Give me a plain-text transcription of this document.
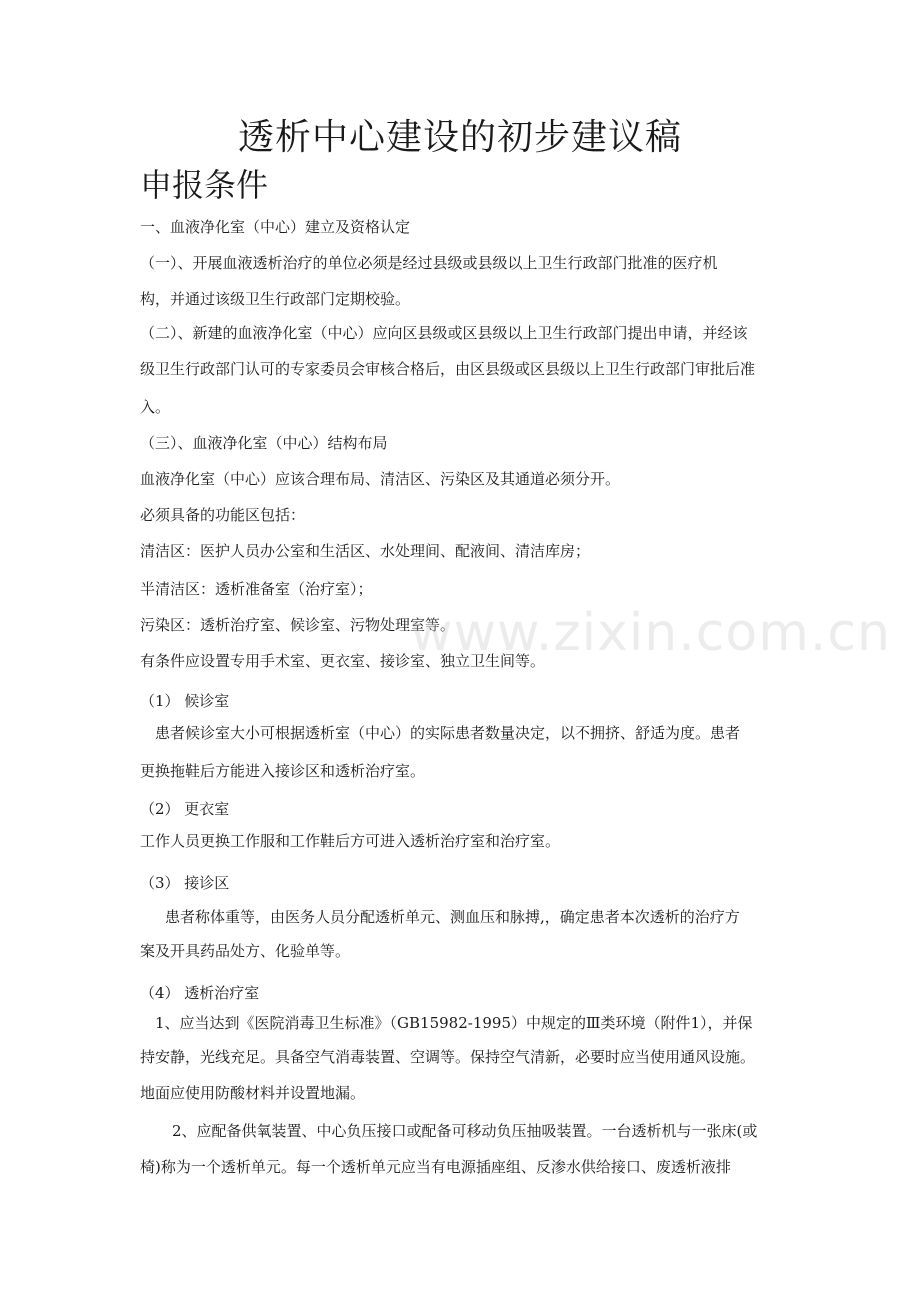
透析中心建设的初步建议稿
申报条件
一、血液净化室（中心）建立及资格认定
（一）、开展血液透析治疗的单位必须是经过县级或县级以上卫生行政部门批准的医疗机
构，并通过该级卫生行政部门定期校验。
（二）、新建的血液净化室（中心）应向区县级或区县级以上卫生行政部门提出申请，并经该
级卫生行政部门认可的专家委员会审核合格后，由区县级或区县级以上卫生行政部门审批后准
入。
（三）、血液净化室（中心）结构布局
血液净化室（中心）应该合理布局、清洁区、污染区及其通道必须分开。
必须具备的功能区包括：
清洁区：医护人员办公室和生活区、水处理间、配液间、清洁库房；
半清洁区：透析准备室（治疗室）；
污染区：透析治疗室、候诊室、污物处理室等。
有条件应设置专用手术室、更衣室、接诊室、独立卫生间等。
（1） 候诊室
患者候诊室大小可根据透析室（中心）的实际患者数量决定，以不拥挤、舒适为度。患者
更换拖鞋后方能进入接诊区和透析治疗室。
（2） 更衣室
工作人员更换工作服和工作鞋后方可进入透析治疗室和治疗室。
（3） 接诊区
患者称体重等，由医务人员分配透析单元、测血压和脉搏,，确定患者本次透析的治疗方
案及开具药品处方、化验单等。
（4） 透析治疗室
1、应当达到《医院消毒卫生标准》（GB15982-1995）中规定的Ⅲ类环境（附件1），并保
持安静，光线充足。具备空气消毒装置、空调等。保持空气清新，必要时应当使用通风设施。
地面应使用防酸材料并设置地漏。
2、应配备供氧装置、中心负压接口或配备可移动负压抽吸装置。一台透析机与一张床(或
椅)称为一个透析单元。每一个透析单元应当有电源插座组、反渗水供给接口、废透析液排
www.zixin.com.cn
